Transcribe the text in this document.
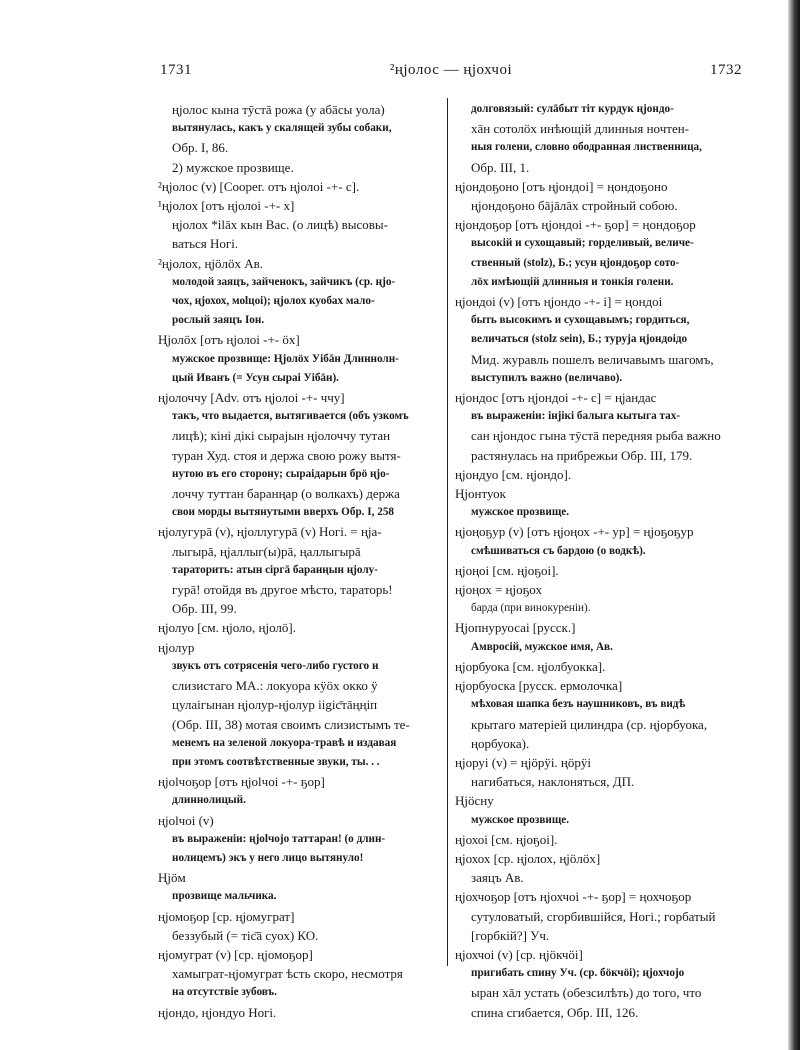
1731	²ңјолос — ңјохчоі	1732

ңјолос кына тӯстā рожа (у абāсы уола)

вытянулась, какъ у скалящей зубы собаки,

Обр. I, 86.

2) мужское прозвище.

²ңјолос (v) [Cooper. отъ ңјолоі -+- с].

¹ңјолох [отъ ңјолоі -+- х]

ңјолох *ilāх кын Вас. (о лицѣ) высовы-

ваться Ногі.

²ңјолох, ңјöлöх Ав.

молодой заяцъ, зайченокъ, зайчикъ (ср. ңјо-

чох, ңјохох, моlцоі); ңјолох куобах мало-

рослый заяцъ Іон.

Ңјолöх [отъ ңјолоі -+- öх]

мужское прозвище: Ңјолöх Уібāн Длиннолн-

цый Иванъ (= Усун сыраі Уібāн).

ңјолоччу [Adv. отъ ңјолоі -+- ччу]

такъ, что выдается, вытягивается (объ узкомъ

лицѣ); кіні дікі сырајын ңјолоччу тутан

туран Худ. стоя и держа свою рожу вытя-

нутою въ его сторону; сыраідарын брö ңјо-

лоччу туттан баранңар (о волкахъ) держа

свои морды вытянутыми вверхъ Обр. I, 258

ңјолугурā (v), ңјоллугурā (v) Ногі. = ңја-

лыгырā, ңјаллыг(ы)рā, ңаллыгырā

тараторить: атын сіргā баранңын ңјолу-

гурā! отойдя въ другое мѣсто, тараторь!

Обр. III, 99.

ңјолуо [см. ңјоло, ңјолö].

ңјолур

звукъ отъ сотрясенія чего-либо густого и

слизистаго МА.: локуора кÿöх окко ÿ

цулаігынан ңјолур-ңјолур ііgіс̄тāңңіп

(Обр. III, 38) мотая своимъ слизистымъ те-

менемъ на зеленой локуора-травѣ и издавая

при этомъ соотвѣтственные звуки, ты. . .

ңјоlчоҕор [отъ ңјоlчоі -+- ҕор]

длиннолицый.

ңјоlчоі (v)

въ выраженіи: ңјоlчојо таттаран! (о длин-

нолицемъ) экъ у него лицо вытянуло!

Ңјöм

прозвище мальчика.

ңјомоҕор [ср. ңјомуграт]

беззубый (= тіс̄ā суох) КО.

ңјомуграт (v) [ср. ңјомоҕор]

хамыграт-ңјомуграт ѣсть скоро, несмотря

на отсутствіе зубовъ.

ңјондо, ңјондуо Ногі.

долговязый: сулāбыт тіт курдук ңјондо-

хāн сотолöх инѣющій длинныя ночтен-

ныя голени, словно ободранная лиственница,

Обр. III, 1.

ңјондоҕоно [отъ ңјондоі] = ңондоҕоно

ңјондоҕоно бājāлāх стройный собою.

ңјондоҕор [отъ ңјондоі -+- ҕор] = ңондоҕор

высокій и сухощавый; горделивый, величе-

ственный (stolz), Б.; усун ңјондоҕор сото-

лöх имѣющій длинныя и тонкія голени.

ңјондоі (v) [отъ ңјондо -+- і] = ңондоі

быть высокимъ и сухощавымъ; гордиться,

величаться (stolz sein), Б.; туруја ңјондоідо

Мид. журавль пошелъ величавымъ шагомъ,

выступилъ важно (величаво).

ңјондос [отъ ңјондоі -+- с] = ңјандас

въ выраженіи: інјікі балыга кытыга тах-

сан ңјондос гына тӯстā передняя рыба важно

растянулась на прибрежьи Обр. III, 179.

ңјондуо [см. ңјондо].

Ңјонтуок

мужское прозвище.

ңјоңоҕур (v) [отъ ңјоңох -+- ур] = ңјоҕоҕур

смѣшиваться съ бардою (о водкѣ).

ңјоңоі [см. ңјоҕоі].

ңјоңох = ңјоҕох

барда (при винокуреніи).

Ңјопнуруосаі [русск.]

Амвросій, мужское имя, Ав.

ңјорбуока [см. ңјолбуокка].

ңјорбуоска [русск. ермолочка]

мѣховая шапка безъ наушниковъ, въ видѣ

крытаго матеріей цилиндра (ср. ңјорбуока,

ңорбуока).

ңјоруі (v) = ңјöрÿі. ңöрÿі

нагибаться, наклоняться, ДП.

Ңјöсну

мужское прозвище.

ңјохоі [см. ңјоҕоі].

ңјохох [ср. ңјолох, ңјöлöх]

заяцъ Ав.

ңјохчоҕор [отъ ңјохчоі -+- ҕор] = ңохчоҕор

сутуловатый, сгорбившійся, Ногі.; горбатый

[горбкій?] Уч.

ңјохчоі (v) [ср. ңјöкчöі]

пригибать спину Уч. (ср. бöкчöі); ңјохчојо

ыран хāл устать (обезсилѣть) до того, что

спина сгибается, Обр. III, 126.
